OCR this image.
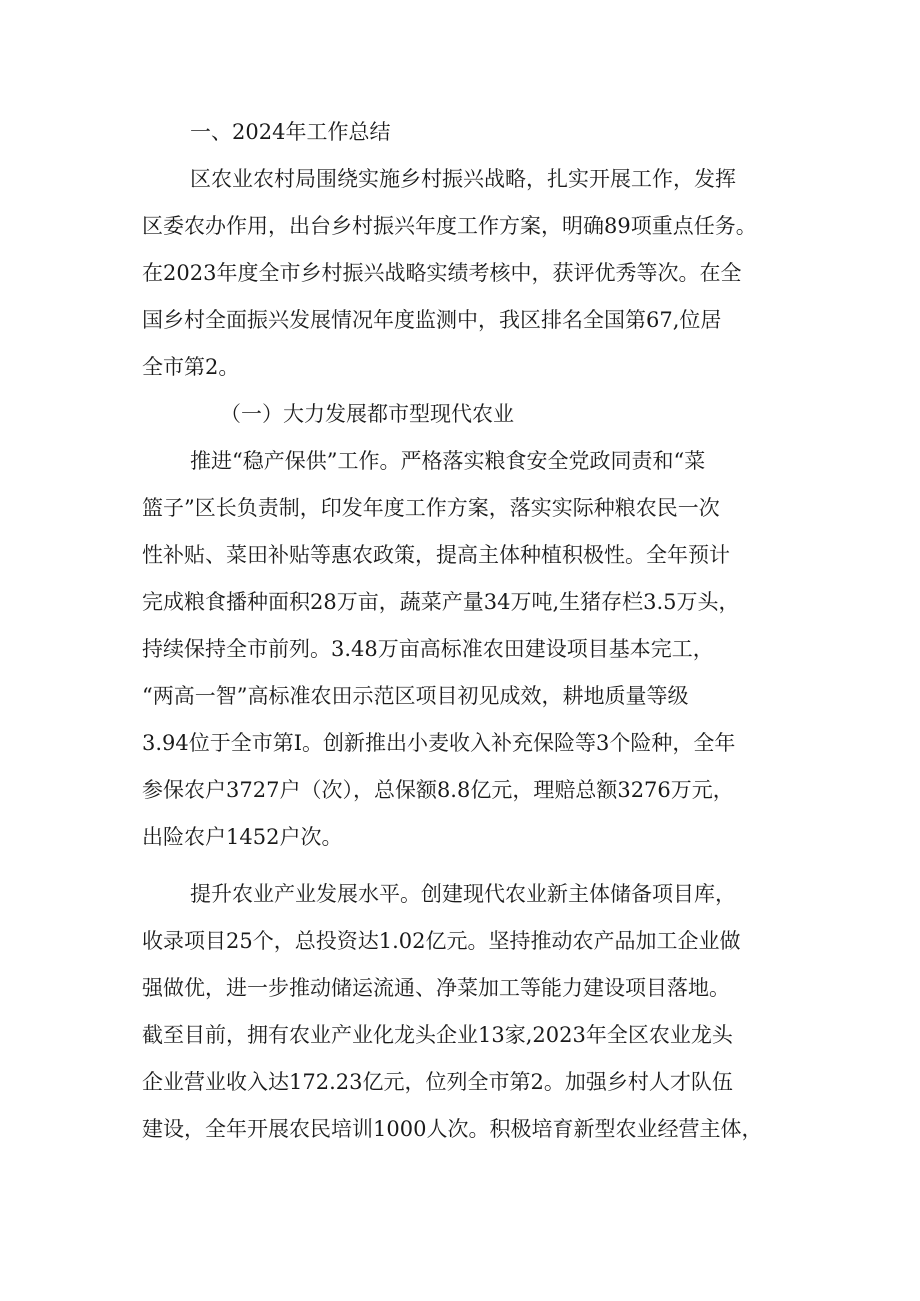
一、2024年工作总结
区农业农村局围绕实施乡村振兴战略，扎实开展工作，发挥
区委农办作用，出台乡村振兴年度工作方案，明确89项重点任务。
在2023年度全市乡村振兴战略实绩考核中，获评优秀等次。在全
国乡村全面振兴发展情况年度监测中，我区排名全国第67,位居
全市第2。
（一）大力发展都市型现代农业
推进“稳产保供”工作。严格落实粮食安全党政同责和“菜
篮子”区长负责制，印发年度工作方案，落实实际种粮农民一次
性补贴、菜田补贴等惠农政策，提高主体种植积极性。全年预计
完成粮食播种面积28万亩，蔬菜产量34万吨,生猪存栏3.5万头，
持续保持全市前列。3.48万亩高标准农田建设项目基本完工，
“两高一智”高标准农田示范区项目初见成效，耕地质量等级
3.94位于全市第I。创新推出小麦收入补充保险等3个险种，全年
参保农户3727户（次），总保额8.8亿元，理赔总额3276万元，
出险农户1452户次。
提升农业产业发展水平。创建现代农业新主体储备项目库，
收录项目25个，总投资达1.02亿元。坚持推动农产品加工企业做
强做优，进一步推动储运流通、净菜加工等能力建设项目落地。
截至目前，拥有农业产业化龙头企业13家,2023年全区农业龙头
企业营业收入达172.23亿元，位列全市第2。加强乡村人才队伍
建设，全年开展农民培训1000人次。积极培育新型农业经营主体，
